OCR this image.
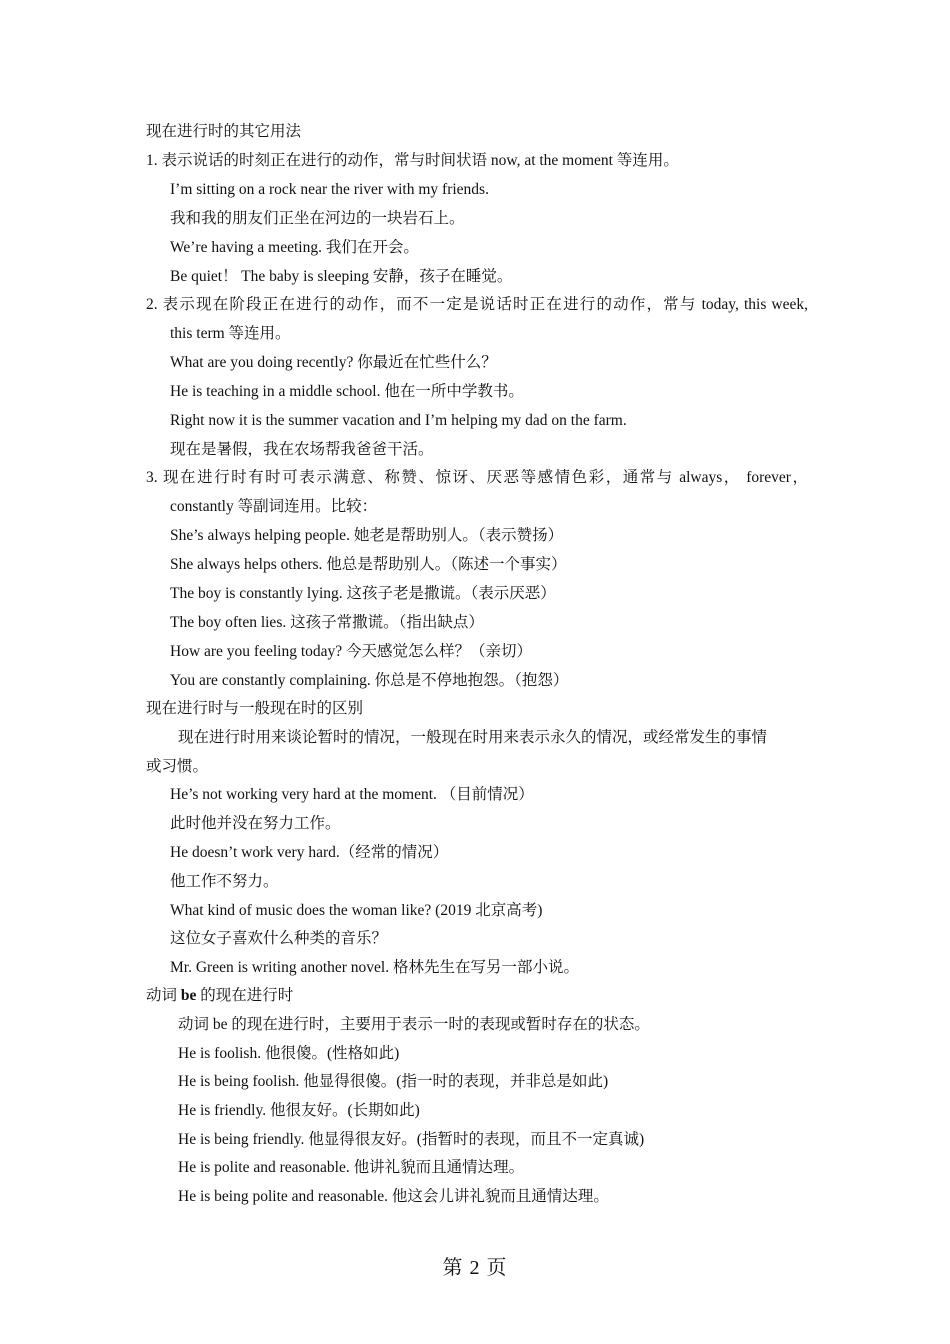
现在进行时的其它用法
1. 表示说话的时刻正在进行的动作，常与时间状语 now, at the moment 等连用。
I’m sitting on a rock near the river with my friends.
我和我的朋友们正坐在河边的一块岩石上。
We’re having a meeting. 我们在开会。
Be quiet！ The baby is sleeping 安静，孩子在睡觉。
2. 表示现在阶段正在进行的动作，而不一定是说话时正在进行的动作，常与 today, this week,
this term 等连用。
What are you doing recently? 你最近在忙些什么？
He is teaching in a middle school. 他在一所中学教书。
Right now it is the summer vacation and I’m helping my dad on the farm.
现在是暑假，我在农场帮我爸爸干活。
3. 现在进行时有时可表示满意、称赞、惊讶、厌恶等感情色彩，通常与 always， forever，
constantly 等副词连用。比较：
She’s always helping people. 她老是帮助别人。（表示赞扬）
She always helps others. 他总是帮助别人。（陈述一个事实）
The boy is constantly lying. 这孩子老是撒谎。（表示厌恶）
The boy often lies. 这孩子常撒谎。（指出缺点）
How are you feeling today? 今天感觉怎么样？（亲切）
You are constantly complaining. 你总是不停地抱怨。（抱怨）
现在进行时与一般现在时的区别
现在进行时用来谈论暂时的情况，一般现在时用来表示永久的情况，或经常发生的事情
或习惯。
He’s not working very hard at the moment. （目前情况）
此时他并没在努力工作。
He doesn’t work very hard.（经常的情况）
他工作不努力。
What kind of music does the woman like? (2019 北京高考)
这位女子喜欢什么种类的音乐？
Mr. Green is writing another novel. 格林先生在写另一部小说。
动词 be 的现在进行时
动词 be 的现在进行时，主要用于表示一时的表现或暂时存在的状态。
He is foolish. 他很傻。(性格如此)
He is being foolish. 他显得很傻。(指一时的表现，并非总是如此)
He is friendly. 他很友好。(长期如此)
He is being friendly. 他显得很友好。(指暂时的表现，而且不一定真诚)
He is polite and reasonable. 他讲礼貌而且通情达理。
He is being polite and reasonable. 他这会儿讲礼貌而且通情达理。
第 2 页
